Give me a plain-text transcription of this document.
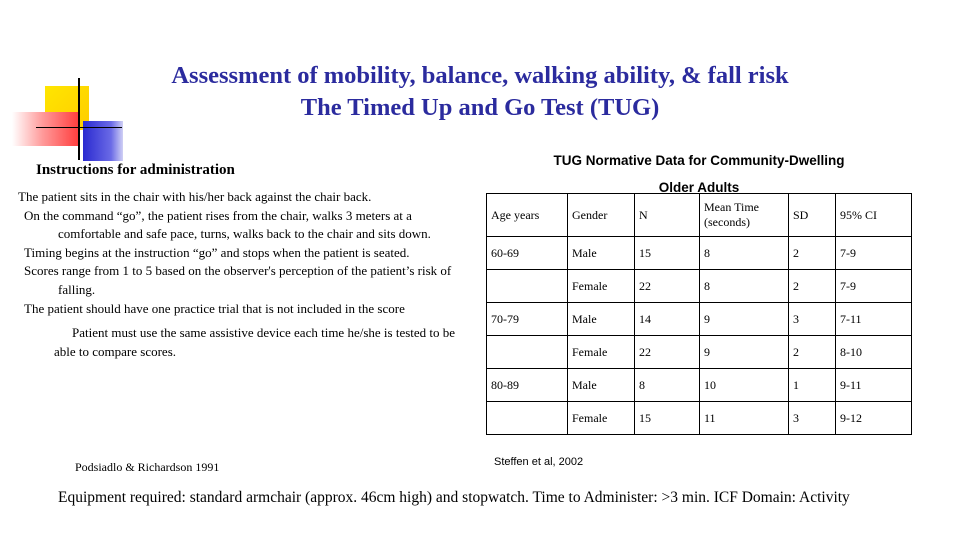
Assessment of mobility, balance, walking ability, & fall risk
The Timed Up and Go Test (TUG)
Instructions for administration

The patient sits in the chair with his/her back against the chair back.

On the command “go”, the patient rises from the chair, walks 3 meters at a comfortable and safe pace, turns, walks back to the chair and sits down.

Timing begins at the instruction “go” and stops when the patient is seated.

Scores range from 1 to 5 based on the observer's perception of the patient’s risk of falling.

The patient should have one practice trial that is not included in the score

Patient must use the same assistive device each time he/she is tested to be able to compare scores.

Podsiadlo & Richardson 1991
TUG Normative Data for Community-Dwelling
Older Adults
Age years	Gender	N	Mean Time (seconds)	SD	95% CI
60-69	Male	15	8	2	7-9
	Female	22	8	2	7-9
70-79	Male	14	9	3	7-11
	Female	22	9	2	8-10
80-89	Male	8	10	1	9-11
	Female	15	11	3	9-12
Steffen et al, 2002
Equipment required: standard armchair (approx. 46cm high) and stopwatch. Time to Administer: >3 min. ICF Domain: Activity
